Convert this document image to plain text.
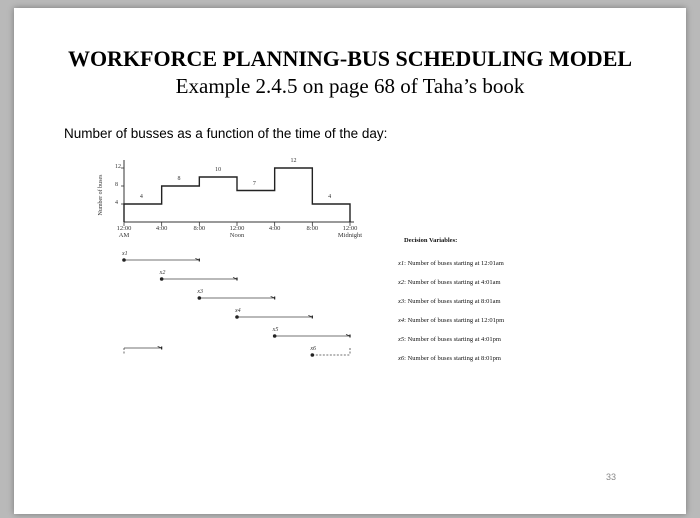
WORKFORCE PLANNING-BUS SCHEDULING MODEL
Example 2.4.5 on page 68 of Taha’s book
Number of busses as a function of the time of the day:
Number of buses 4
8
12
12:00
AM
4:00	8:00	12:00
Noon
4:00	8:00	12:00
Midnight
4
8
10
7
12
4
x1
x2
x3
x4
x5
x6
Decision Variables:
x1: Number of buses starting at 12:01am
x2: Number of buses starting at 4:01am
x3: Number of buses starting at 8:01am
x4: Number of buses starting at 12:01pm
x5: Number of buses starting at 4:01pm
x6: Number of buses starting at 8:01pm
33
